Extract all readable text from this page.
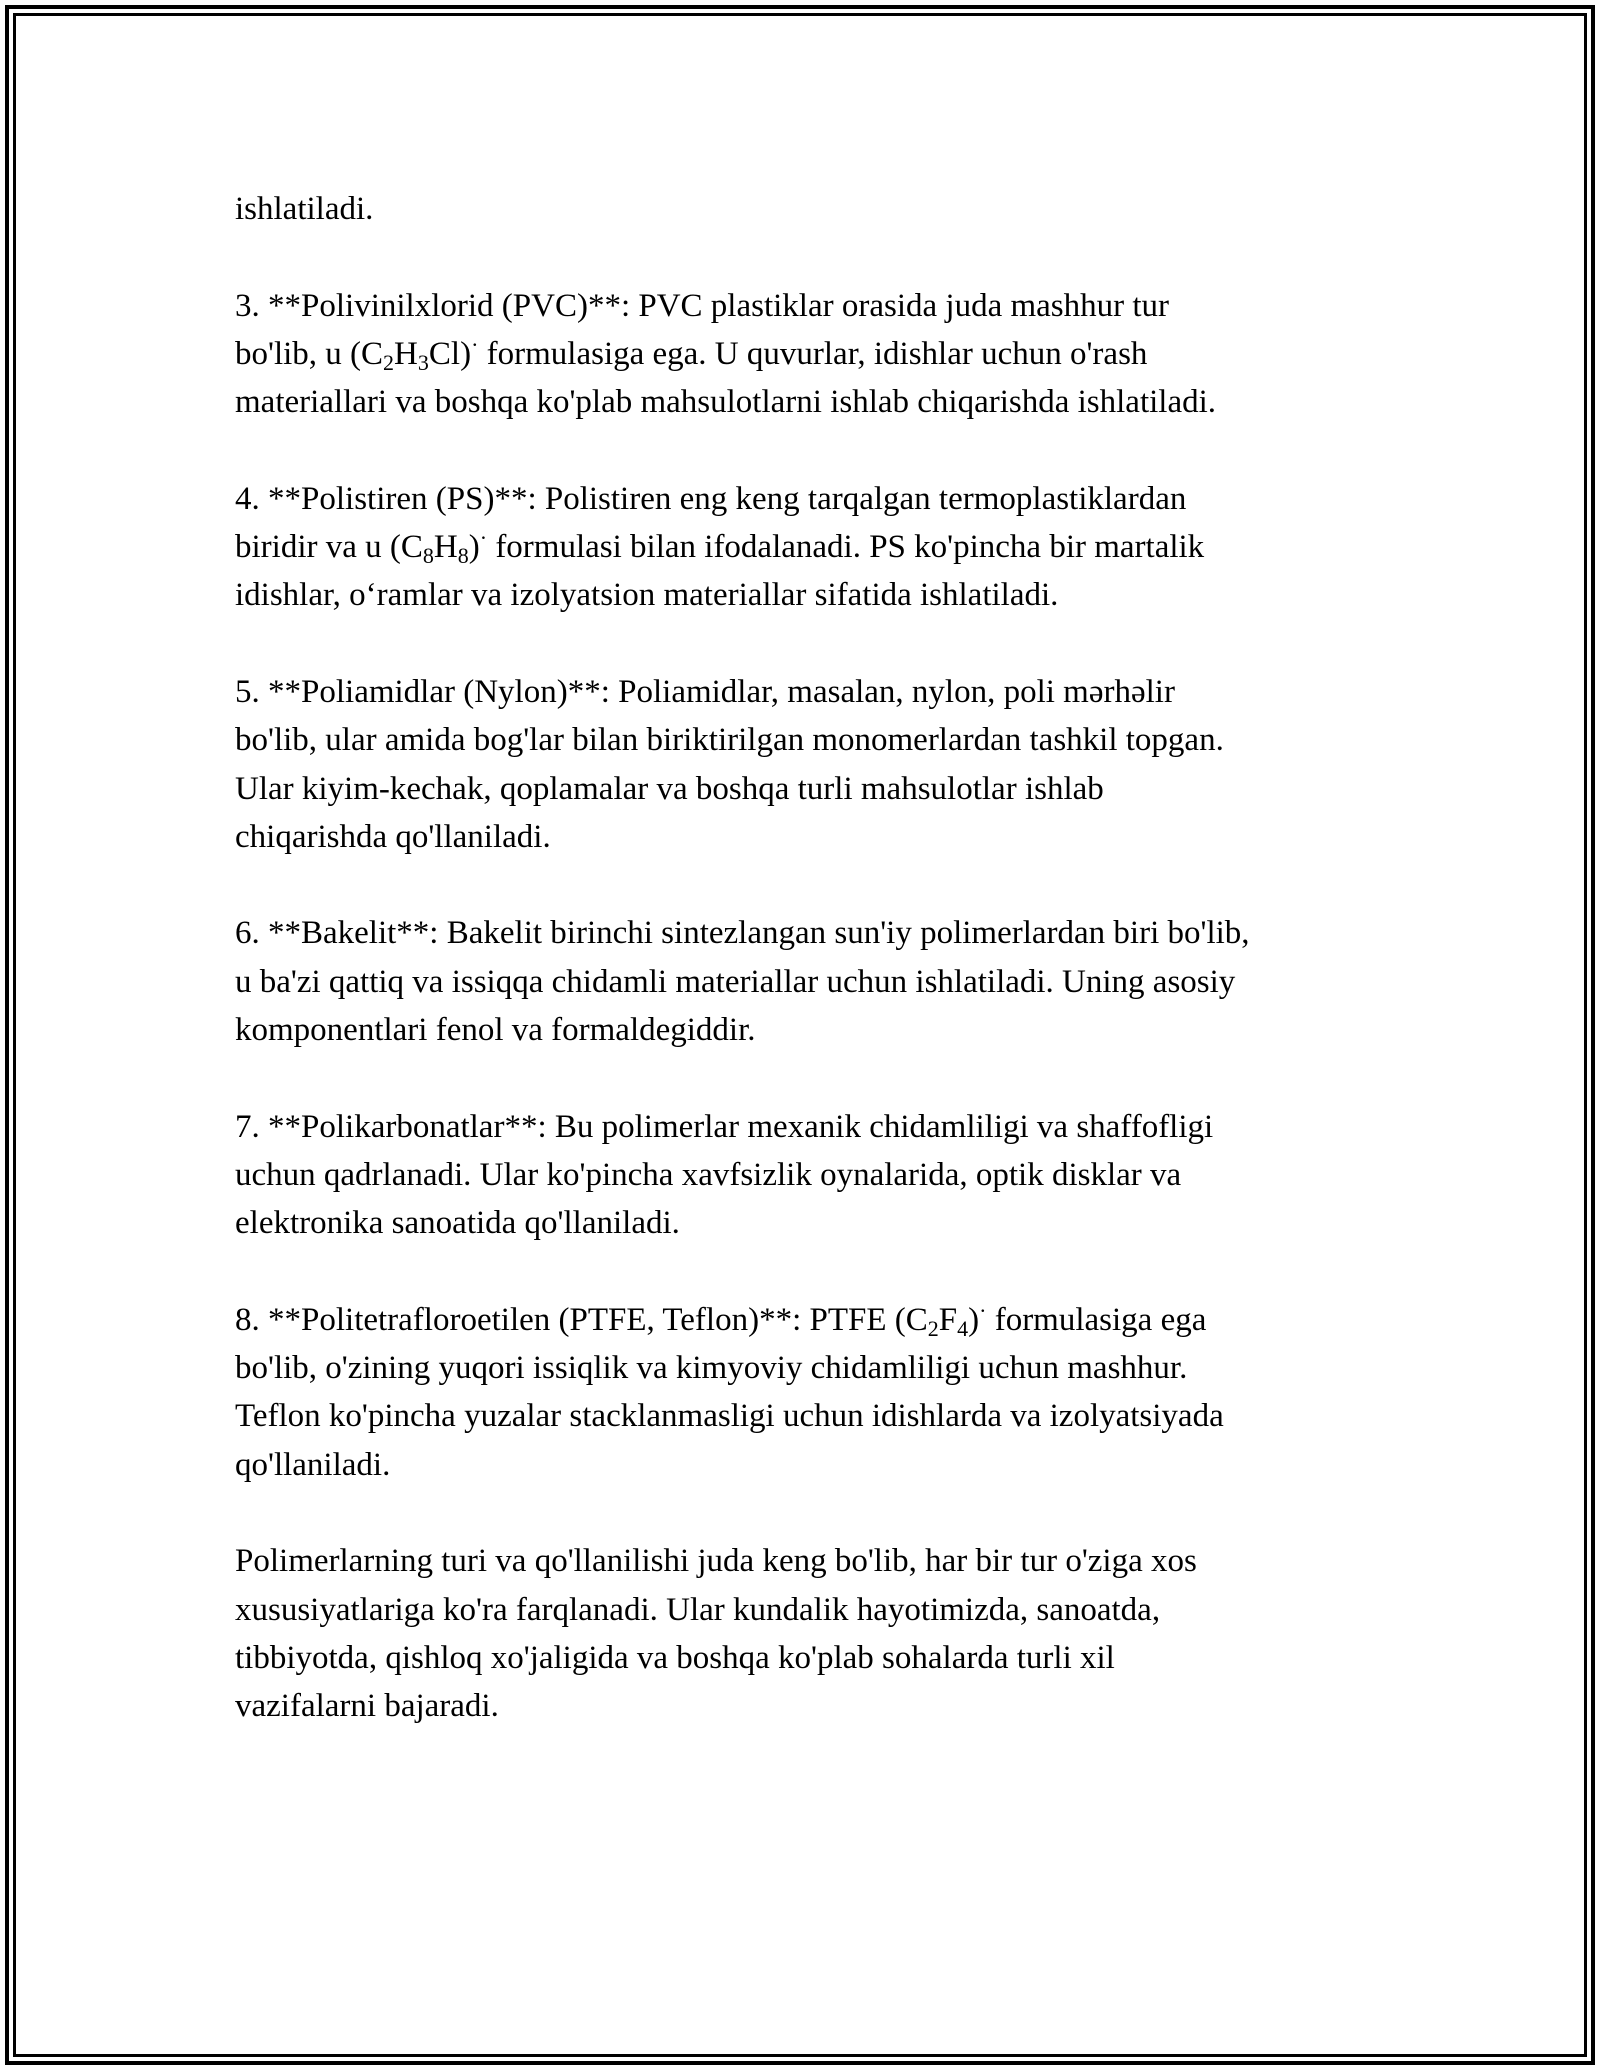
ishlatiladi.

3. **Polivinilxlorid (PVC)**: PVC plastiklar orasida juda mashhur tur
bo'lib, u $(C_2H_3Cl)^\cdot$ formulasiga ega. U quvurlar, idishlar uchun o'rash
materiallari va boshqa ko'plab mahsulotlarni ishlab chiqarishda ishlatiladi.

4. **Polistiren (PS)**: Polistiren eng keng tarqalgan termoplastiklardan
biridir va u $(C_8H_8)^\cdot$ formulasi bilan ifodalanadi. PS ko'pincha bir martalik
idishlar, o‘ramlar va izolyatsion materiallar sifatida ishlatiladi.

5. **Poliamidlar (Nylon)**: Poliamidlar, masalan, nylon, poli mərhəlir
bo'lib, ular amida bog'lar bilan biriktirilgan monomerlardan tashkil topgan.
Ular kiyim-kechak, qoplamalar va boshqa turli mahsulotlar ishlab
chiqarishda qo'llaniladi.

6. **Bakelit**: Bakelit birinchi sintezlangan sun'iy polimerlardan biri bo'lib,
u ba'zi qattiq va issiqqa chidamli materiallar uchun ishlatiladi. Uning asosiy
komponentlari fenol va formaldegiddir.

7. **Polikarbonatlar**: Bu polimerlar mexanik chidamliligi va shaffofligi
uchun qadrlanadi. Ular ko'pincha xavfsizlik oynalarida, optik disklar va
elektronika sanoatida qo'llaniladi.

8. **Politetrafloroetilen (PTFE, Teflon)**: PTFE $(C_2F_4)^\cdot$ formulasiga ega
bo'lib, o'zining yuqori issiqlik va kimyoviy chidamliligi uchun mashhur.
Teflon ko'pincha yuzalar stacklanmasligi uchun idishlarda va izolyatsiyada
qo'llaniladi.

Polimerlarning turi va qo'llanilishi juda keng bo'lib, har bir tur o'ziga xos
xususiyatlariga ko'ra farqlanadi. Ular kundalik hayotimizda, sanoatda,
tibbiyotda, qishloq xo'jaligida va boshqa ko'plab sohalarda turli xil
vazifalarni bajaradi.
